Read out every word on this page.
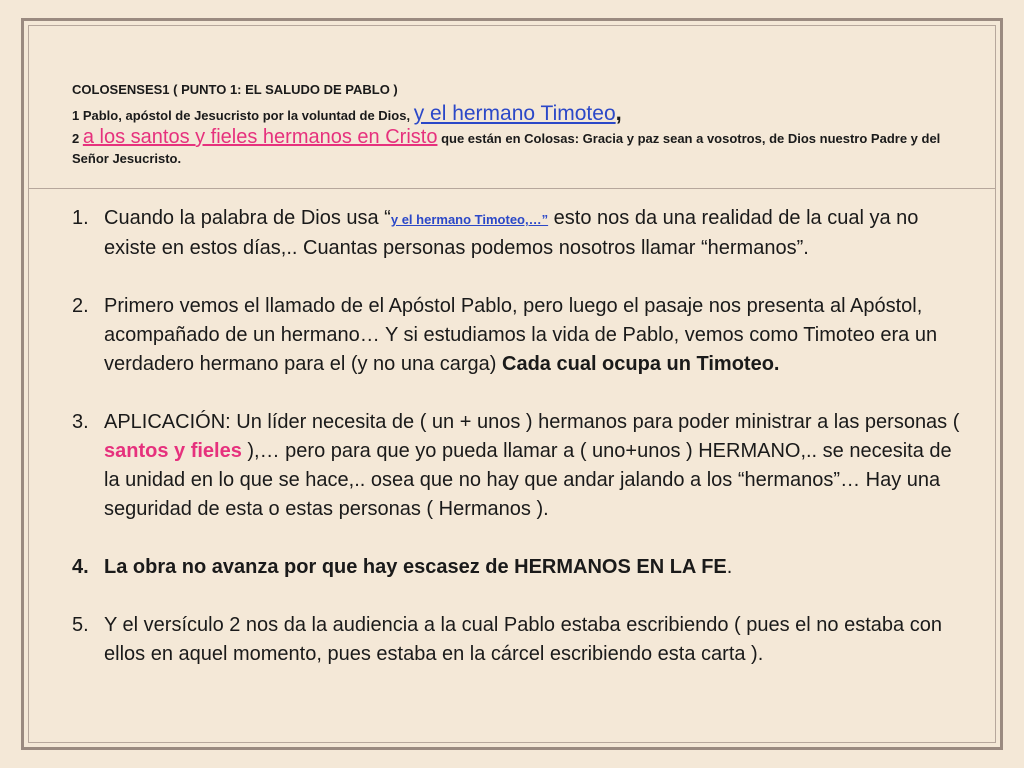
COLOSENSES1 ( PUNTO 1: EL SALUDO DE PABLO )

1 Pablo, apóstol de Jesucristo por la voluntad de Dios, y el hermano Timoteo,

2 a los santos y fieles hermanos en Cristo que están en Colosas: Gracia y paz sean a vosotros, de Dios nuestro Padre y del Señor Jesucristo.

1. Cuando la palabra de Dios usa “y el hermano Timoteo,…” esto nos da una realidad de la cual ya no existe en estos días,.. Cuantas personas podemos nosotros llamar “hermanos”.
2. Primero vemos el llamado de el Apóstol Pablo, pero luego el pasaje nos presenta al Apóstol, acompañado de un hermano… Y si estudiamos la vida de Pablo, vemos como Timoteo era un verdadero hermano para el (y no una carga) Cada cual ocupa un Timoteo.
3. APLICACIÓN: Un líder necesita de ( un + unos ) hermanos para poder ministrar a las personas ( santos y fieles ),… pero para que yo pueda llamar a ( uno+unos ) HERMANO,.. se necesita de la unidad en lo que se hace,.. osea que no hay que andar jalando a los “hermanos”… Hay una seguridad de esta o estas personas ( Hermanos ).
4. La obra no avanza por que hay escasez de HERMANOS EN LA FE.
5. Y el versículo 2 nos da la audiencia a la cual Pablo estaba escribiendo ( pues el no estaba con ellos en aquel momento, pues estaba en la cárcel escribiendo esta carta ).
